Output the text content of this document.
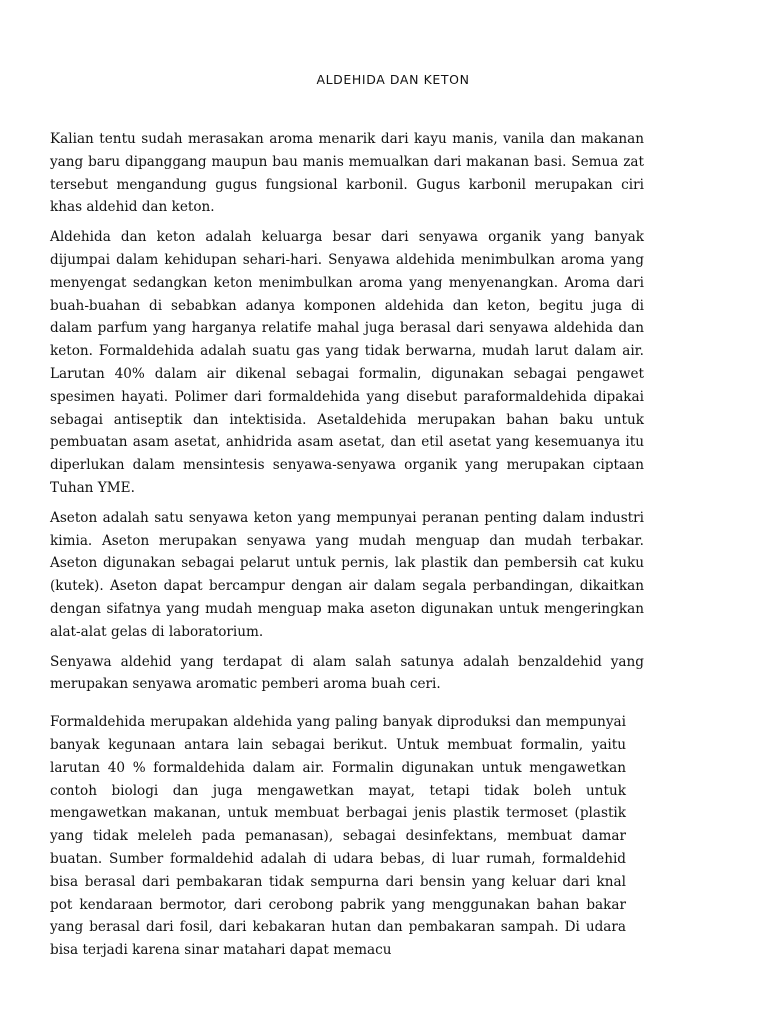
ALDEHIDA DAN KETON

Kalian tentu sudah merasakan aroma menarik dari kayu manis, vanila dan makanan yang baru dipanggang maupun bau manis memualkan dari makanan basi. Semua zat tersebut mengandung gugus fungsional karbonil. Gugus karbonil merupakan ciri khas aldehid dan keton.

Aldehida dan keton adalah keluarga besar dari senyawa organik yang banyak dijumpai dalam kehidupan sehari-hari. Senyawa aldehida menimbulkan aroma yang menyengat sedangkan keton menimbulkan aroma yang menyenangkan. Aroma dari buah-buahan di sebabkan adanya komponen aldehida dan keton, begitu juga di dalam parfum yang harganya relatife mahal juga berasal dari senyawa aldehida dan keton. Formaldehida adalah suatu gas yang tidak berwarna, mudah larut dalam air. Larutan 40% dalam air dikenal sebagai formalin, digunakan sebagai pengawet spesimen hayati. Polimer dari formaldehida yang disebut paraformaldehida dipakai sebagai antiseptik dan intektisida. Asetaldehida merupakan bahan baku untuk pembuatan asam asetat, anhidrida asam asetat, dan etil asetat yang kesemuanya itu diperlukan dalam mensintesis senyawa-senyawa organik yang merupakan ciptaan Tuhan YME.

Aseton adalah satu senyawa keton yang mempunyai peranan penting dalam industri kimia. Aseton merupakan senyawa yang mudah menguap dan mudah terbakar. Aseton digunakan sebagai pelarut untuk pernis, lak plastik dan pembersih cat kuku (kutek). Aseton dapat bercampur dengan air dalam segala perbandingan, dikaitkan dengan sifatnya yang mudah menguap maka aseton digunakan untuk mengeringkan alat-alat gelas di laboratorium.

Senyawa aldehid yang terdapat di alam salah satunya adalah benzaldehid yang merupakan senyawa aromatic pemberi aroma buah ceri.

Formaldehida merupakan aldehida yang paling banyak diproduksi dan mempunyai banyak kegunaan antara lain sebagai berikut. Untuk membuat formalin, yaitu larutan 40 % formaldehida dalam air. Formalin digunakan untuk mengawetkan contoh biologi dan juga mengawetkan mayat, tetapi tidak boleh untuk mengawetkan makanan, untuk membuat berbagai jenis plastik termoset (plastik yang tidak meleleh pada pemanasan), sebagai desinfektans, membuat damar buatan. Sumber formaldehid adalah di udara bebas, di luar rumah, formaldehid bisa berasal dari pembakaran tidak sempurna dari bensin yang keluar dari knal pot kendaraan bermotor, dari cerobong pabrik yang menggunakan bahan bakar yang berasal dari fosil, dari kebakaran hutan dan pembakaran sampah. Di udara bisa terjadi karena sinar matahari dapat memacu
